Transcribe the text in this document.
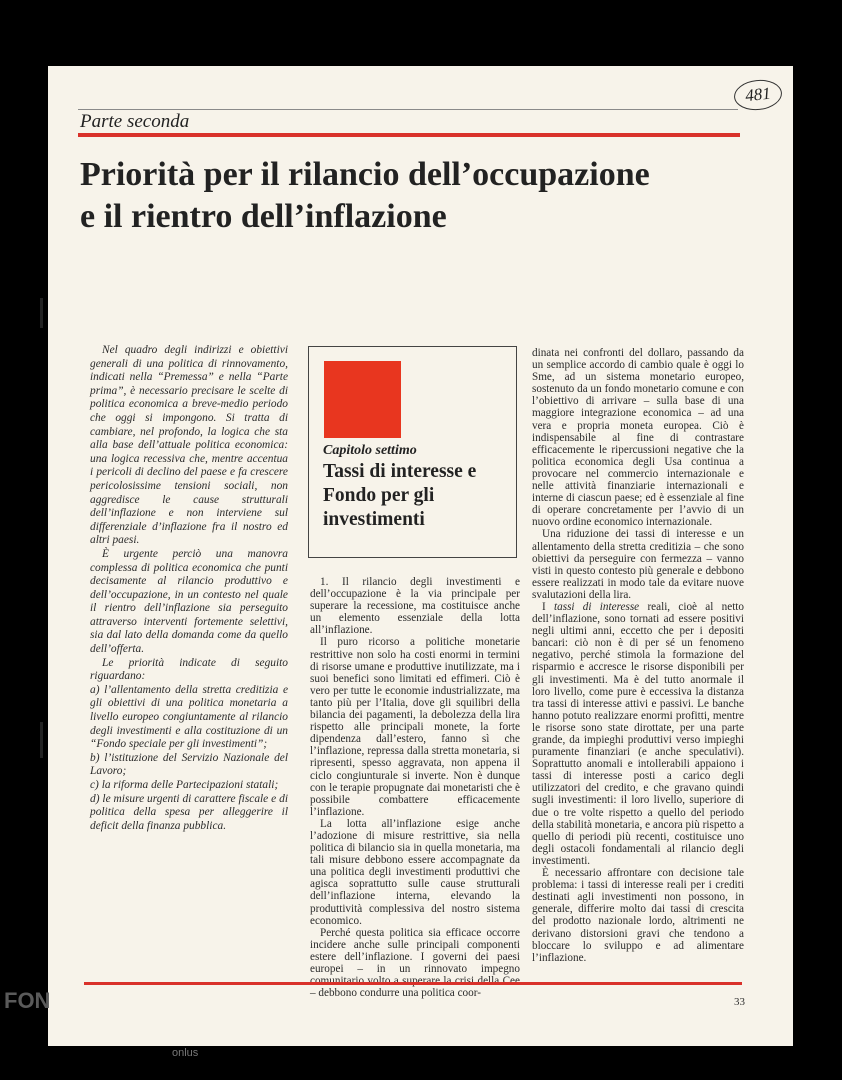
481
Parte seconda
Priorità per il rilancio dell’occupazione
e il rientro dell’inflazione

Nel quadro degli indirizzi e obiettivi generali di una politica di rinnovamento, indicati nella “Premessa” e nella “Parte prima”, è necessario precisare le scelte di politica economica a breve-medio periodo che oggi si impongono. Si tratta di cambiare, nel profondo, la logica che sta alla base dell’attuale politica economica: una logica recessiva che, mentre accentua i pericoli di declino del paese e fa crescere pericolosissime tensioni sociali, non aggredisce le cause strutturali dell’inflazione e non interviene sul differenziale d’inflazione fra il nostro ed altri paesi.

È urgente perciò una manovra complessa di politica economica che punti decisamente al rilancio produttivo e dell’occupazione, in un contesto nel quale il rientro dell’inflazione sia perseguito attraverso interventi fortemente selettivi, sia dal lato della domanda come da quello dell’offerta.

Le priorità indicate di seguito riguardano:

a) l’allentamento della stretta creditizia e gli obiettivi di una politica monetaria a livello europeo congiuntamente al rilancio degli investimenti e alla costituzione di un “Fondo speciale per gli investimenti”;

b) l’istituzione del Servizio Nazionale del Lavoro;

c) la riforma delle Partecipazioni statali;

d) le misure urgenti di carattere fiscale e di politica della spesa per alleggerire il deficit della finanza pubblica.

Capitolo settimo
Tassi di interesse e Fondo per gli investimenti

1. Il rilancio degli investimenti e dell’occupazione è la via principale per superare la recessione, ma costituisce anche un elemento essenziale della lotta all’inflazione.

Il puro ricorso a politiche monetarie restrittive non solo ha costi enormi in termini di risorse umane e produttive inutilizzate, ma i suoi benefici sono limitati ed effimeri. Ciò è vero per tutte le economie industrializzate, ma tanto più per l’Italia, dove gli squilibri della bilancia dei pagamenti, la debolezza della lira rispetto alle principali monete, la forte dipendenza dall’estero, fanno sì che l’inflazione, repressa dalla stretta monetaria, si ripresenti, spesso aggravata, non appena il ciclo congiunturale si inverte. Non è dunque con le terapie propugnate dai monetaristi che è possibile combattere efficacemente l’inflazione.

La lotta all’inflazione esige anche l’adozione di misure restrittive, sia nella politica di bilancio sia in quella monetaria, ma tali misure debbono essere accompagnate da una politica degli investimenti produttivi che agisca soprattutto sulle cause strutturali dell’inflazione interna, elevando la produttività complessiva del nostro sistema economico.

Perché questa politica sia efficace occorre incidere anche sulle principali componenti estere dell’inflazione. I governi dei paesi europei – in un rinnovato impegno – debbono condurre una politica coor-

dinata nei confronti del dollaro, passando da un semplice accordo di cambio quale è oggi lo Sme, ad un sistema monetario europeo, sostenuto da un fondo monetario comune e con l’obiettivo di arrivare – sulla base di una maggiore integrazione economica – ad una vera e propria moneta europea. Ciò è indispensabile al fine di contrastare efficacemente le ripercussioni negative che la politica economica degli Usa continua a provocare nel commercio internazionale e nelle attività finanziarie internazionali e interne di ciascun paese; ed è essenziale al fine di operare concretamente per l’avvio di un nuovo ordine economico internazionale.

Una riduzione dei tassi di interesse e un allentamento della stretta creditizia – che sono obiettivi da perseguire con fermezza – vanno visti in questo contesto più generale e debbono essere realizzati in modo tale da evitare nuove svalutazioni della lira.

I tassi di interesse reali, cioè al netto dell’inflazione, sono tornati ad essere positivi negli ultimi anni, eccetto che per i depositi bancari: ciò non è di per sé un fenomeno negativo, perché stimola la formazione del risparmio e accresce le risorse disponibili per gli investimenti. Ma è del tutto anormale il loro livello, come pure è eccessiva la distanza tra tassi di interesse attivi e passivi. Le banche hanno potuto realizzare enormi profitti, mentre le risorse sono state dirottate, per una parte grande, da impieghi produttivi verso impieghi puramente finanziari (e anche speculativi). Soprattutto anomali e intollerabili appaiono i tassi di interesse posti a carico degli utilizzatori del credito, e che gravano quindi sugli investimenti: il loro livello, superiore di due o tre volte rispetto a quello del periodo della stabilità monetaria, e ancora più rispetto a quello di periodi più recenti, costituisce uno degli ostacoli fondamentali al rilancio degli investimenti.

È necessario affrontare con decisione tale problema: i tassi di interesse reali per i crediti destinati agli investimenti non possono, in generale, differire molto dai tassi di crescita del prodotto nazionale lordo, altrimenti ne derivano distorsioni gravi che tendono a bloccare lo sviluppo e ad alimentare l’inflazione.

33
FON
onlus
